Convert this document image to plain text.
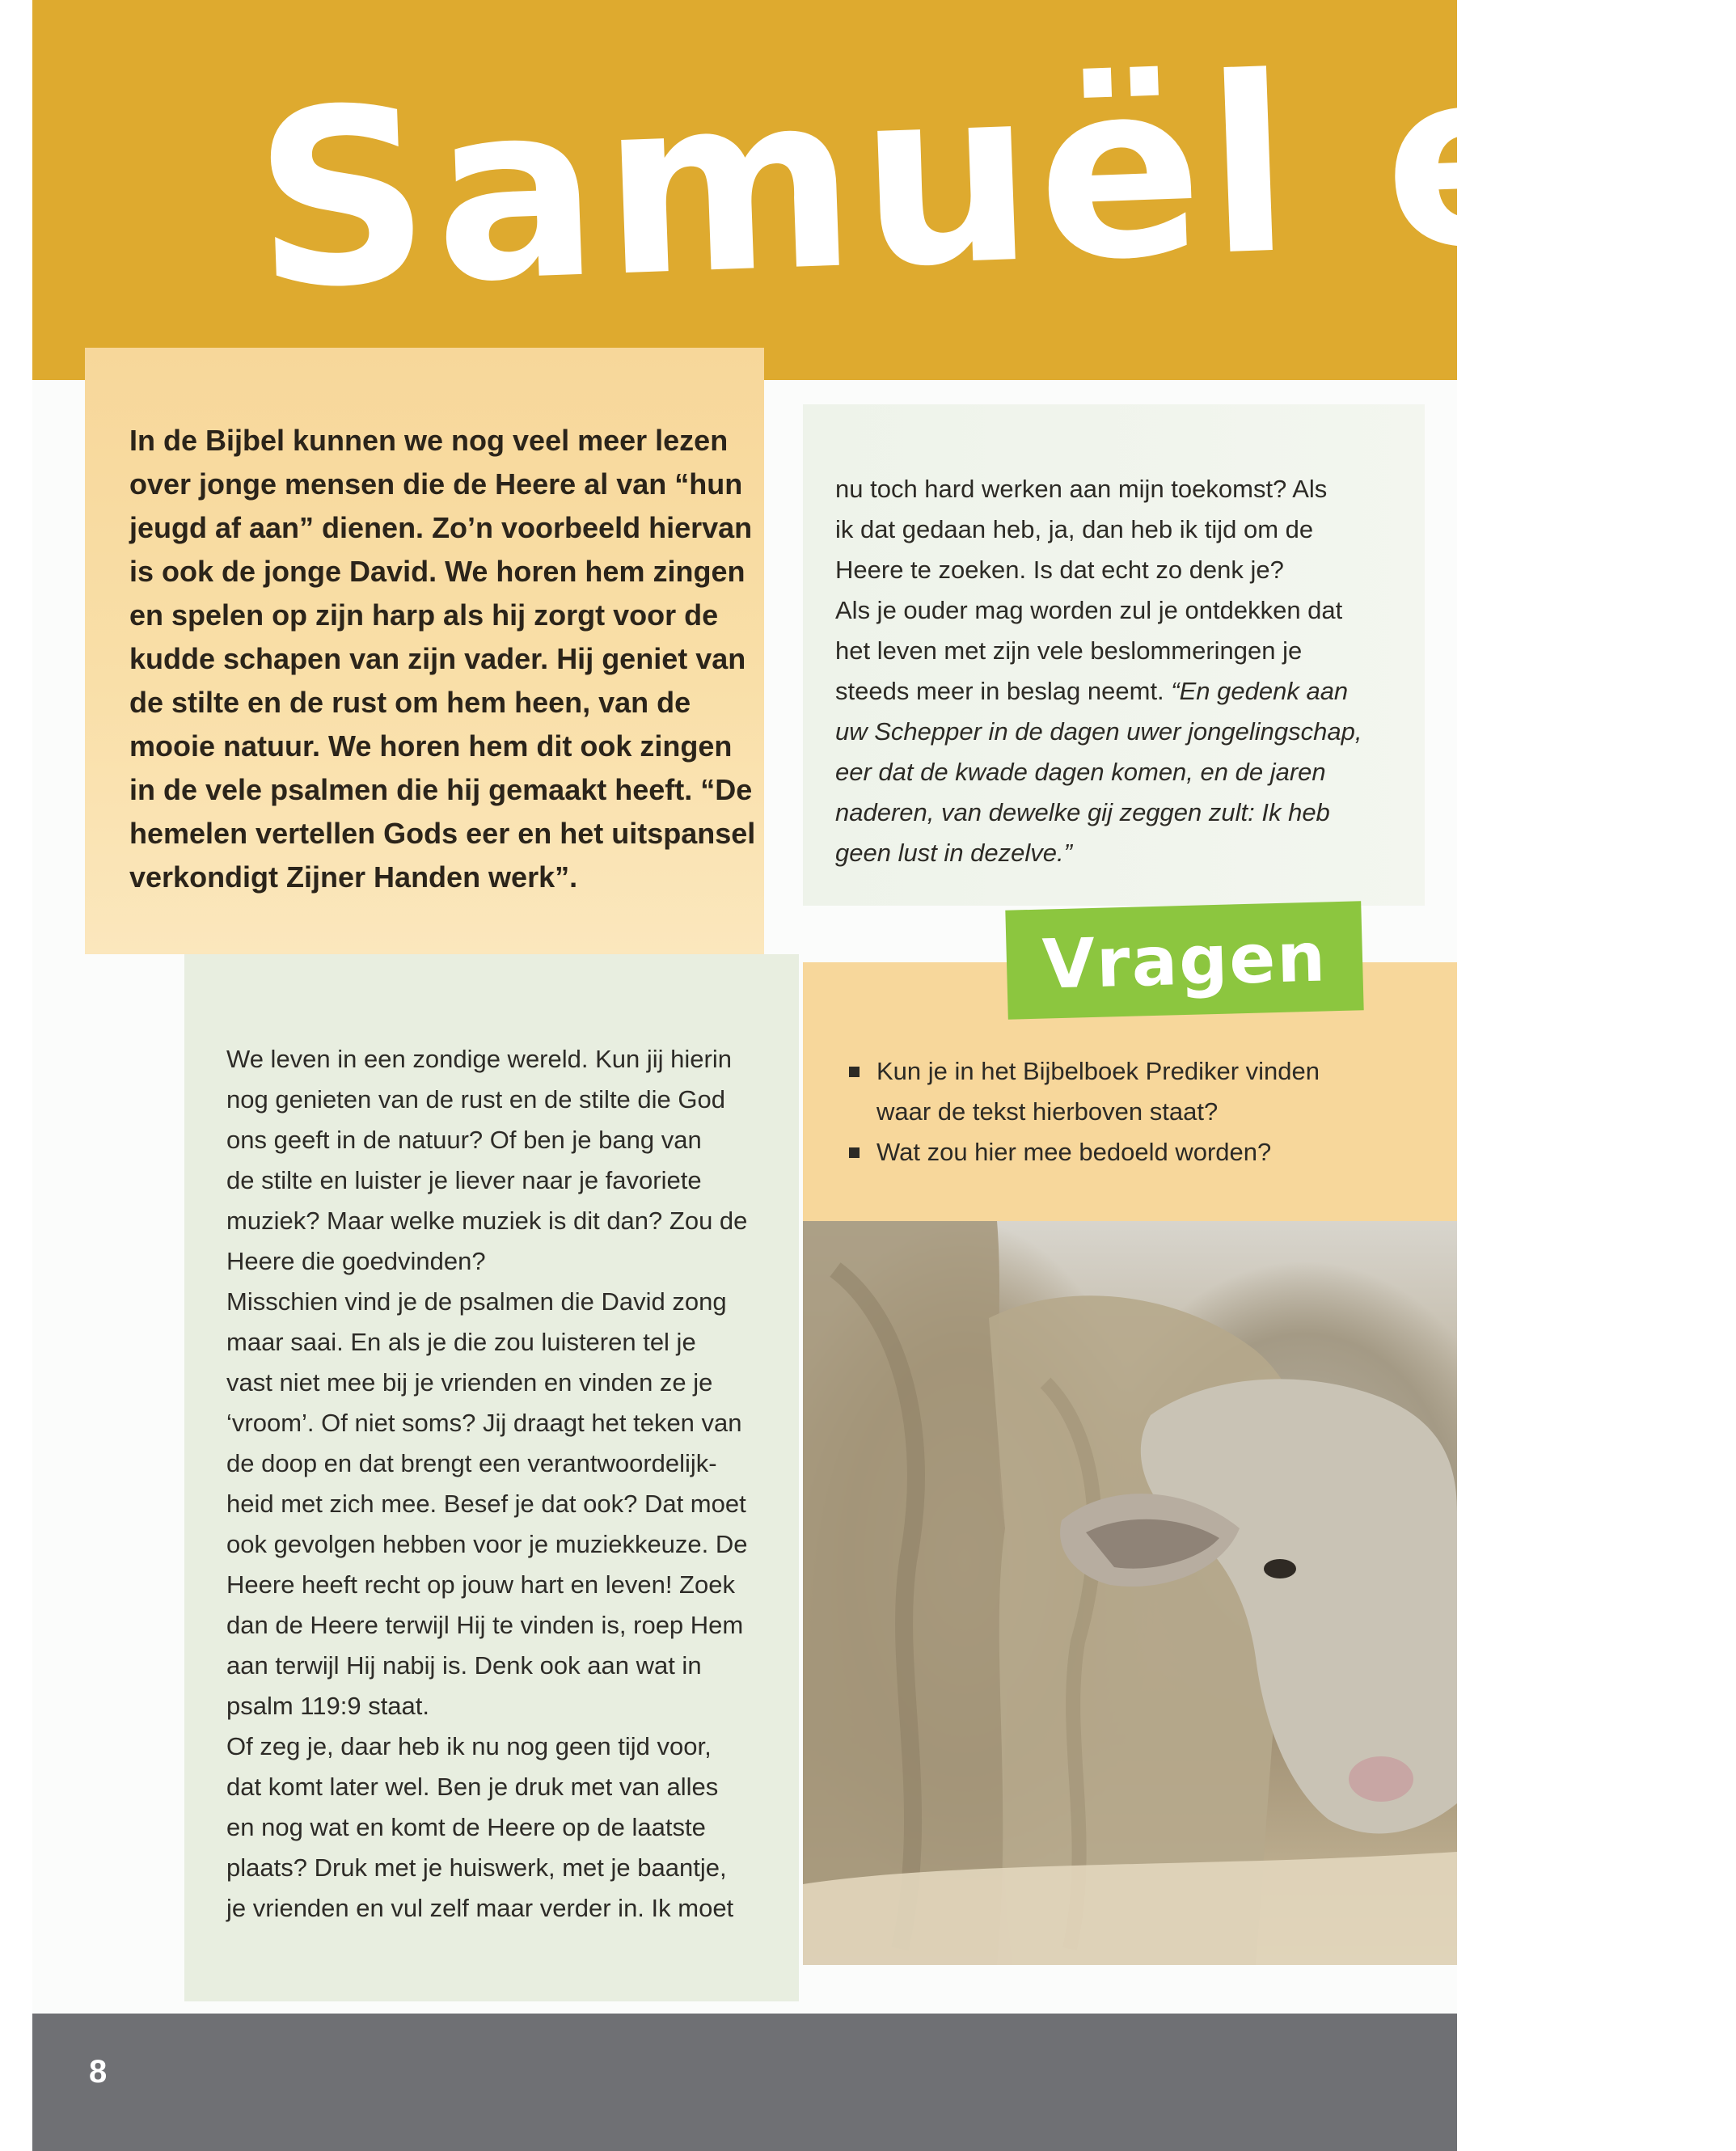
Samuël en

In de Bijbel kunnen we nog veel meer lezen
over jonge mensen die de Heere al van “hun
jeugd af aan” dienen. Zo’n voorbeeld hiervan
is ook de jonge David. We horen hem zingen
en spelen op zijn harp als hij zorgt voor de
kudde schapen van zijn vader. Hij geniet van
de stilte en de rust om hem heen, van de
mooie natuur. We horen hem dit ook zingen
in de vele psalmen die hij gemaakt heeft. “De
hemelen vertellen Gods eer en het uitspansel
verkondigt Zijner Handen werk”.

nu toch hard werken aan mijn toekomst? Als
ik dat gedaan heb, ja, dan heb ik tijd om de
Heere te zoeken. Is dat echt zo denk je?
Als je ouder mag worden zul je ontdekken dat
het leven met zijn vele beslommeringen je
steeds meer in beslag neemt. “En gedenk aan
uw Schepper in de dagen uwer jongelingschap,
eer dat de kwade dagen komen, en de jaren
naderen, van dewelke gij zeggen zult: Ik heb
geen lust in dezelve.”

We leven in een zondige wereld. Kun jij hierin
nog genieten van de rust en de stilte die God
ons geeft in de natuur? Of ben je bang van
de stilte en luister je liever naar je favoriete
muziek? Maar welke muziek is dit dan? Zou de
Heere die goedvinden?
Misschien vind je de psalmen die David zong
maar saai. En als je die zou luisteren tel je
vast niet mee bij je vrienden en vinden ze je
‘vroom’. Of niet soms? Jij draagt het teken van
de doop en dat brengt een verantwoordelijk-
heid met zich mee. Besef je dat ook? Dat moet
ook gevolgen hebben voor je muziekkeuze. De
Heere heeft recht op jouw hart en leven! Zoek
dan de Heere terwijl Hij te vinden is, roep Hem
aan terwijl Hij nabij is. Denk ook aan wat in
psalm 119:9 staat.
Of zeg je, daar heb ik nu nog geen tijd voor,
dat komt later wel. Ben je druk met van alles
en nog wat en komt de Heere op de laatste
plaats? Druk met je huiswerk, met je baantje,
je vrienden en vul zelf maar verder in. Ik moet

Vragen
Kun je in het Bijbelboek Prediker vinden
waar de tekst hierboven staat?
Wat zou hier mee bedoeld worden?
8
